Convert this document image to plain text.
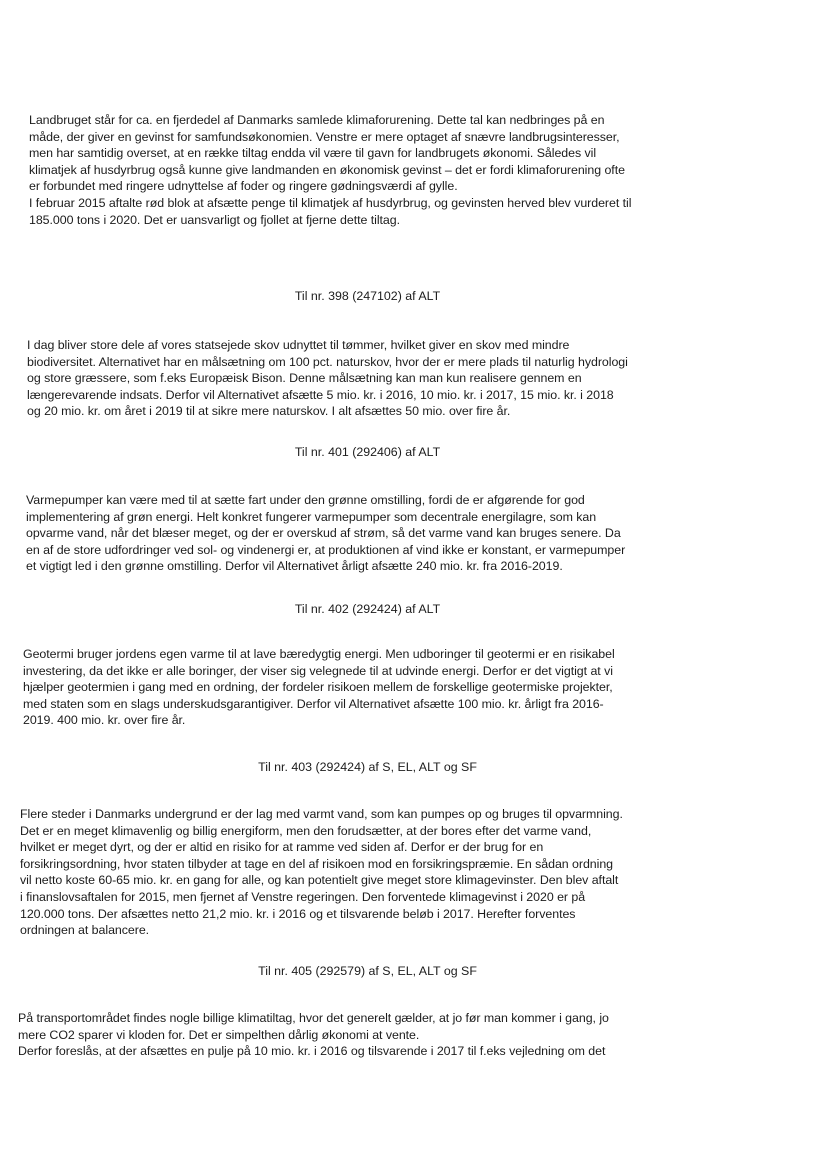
Landbruget står for ca. en fjerdedel af Danmarks samlede klimaforurening. Dette tal kan nedbringes på en
måde, der giver en gevinst for samfundsøkonomien. Venstre er mere optaget af snævre landbrugsinteresser,
men har samtidig overset, at en række tiltag endda vil være til gavn for landbrugets økonomi. Således vil
klimatjek af husdyrbrug også kunne give landmanden en økonomisk gevinst – det er fordi klimaforurening ofte
er forbundet med ringere udnyttelse af foder og ringere gødningsværdi af gylle.
I februar 2015 aftalte rød blok at afsætte penge til klimatjek af husdyrbrug, og gevinsten herved blev vurderet til
185.000 tons i 2020. Det er uansvarligt og fjollet at fjerne dette tiltag.
Til nr. 398 (247102) af ALT
I dag bliver store dele af vores statsejede skov udnyttet til tømmer, hvilket giver en skov med mindre
biodiversitet. Alternativet har en målsætning om 100 pct. naturskov, hvor der er mere plads til naturlig hydrologi
og store græssere, som f.eks Europæisk Bison. Denne målsætning kan man kun realisere gennem en
længerevarende indsats. Derfor vil Alternativet afsætte 5 mio. kr. i 2016, 10 mio. kr. i 2017, 15 mio. kr. i 2018
og 20 mio. kr. om året i 2019 til at sikre mere naturskov. I alt afsættes 50 mio. over fire år.
Til nr. 401 (292406) af ALT
Varmepumper kan være med til at sætte fart under den grønne omstilling, fordi de er afgørende for god
implementering af grøn energi. Helt konkret fungerer varmepumper som decentrale energilagre, som kan
opvarme vand, når det blæser meget, og der er overskud af strøm, så det varme vand kan bruges senere. Da
en af de store udfordringer ved sol- og vindenergi er, at produktionen af vind ikke er konstant, er varmepumper
et vigtigt led i den grønne omstilling. Derfor vil Alternativet årligt afsætte 240 mio. kr. fra 2016-2019.
Til nr. 402 (292424) af ALT
Geotermi bruger jordens egen varme til at lave bæredygtig energi. Men udboringer til geotermi er en risikabel
investering, da det ikke er alle boringer, der viser sig velegnede til at udvinde energi. Derfor er det vigtigt at vi
hjælper geotermien i gang med en ordning, der fordeler risikoen mellem de forskellige geotermiske projekter,
med staten som en slags underskudsgarantigiver. Derfor vil Alternativet afsætte 100 mio. kr. årligt fra 2016-
2019. 400 mio. kr. over fire år.
Til nr. 403 (292424) af S, EL, ALT og SF
Flere steder i Danmarks undergrund er der lag med varmt vand, som kan pumpes op og bruges til opvarmning.
Det er en meget klimavenlig og billig energiform, men den forudsætter, at der bores efter det varme vand,
hvilket er meget dyrt, og der er altid en risiko for at ramme ved siden af. Derfor er der brug for en
forsikringsordning, hvor staten tilbyder at tage en del af risikoen mod en forsikringspræmie. En sådan ordning
vil netto koste 60-65 mio. kr. en gang for alle, og kan potentielt give meget store klimagevinster. Den blev aftalt
i finanslovsaftalen for 2015, men fjernet af Venstre regeringen. Den forventede klimagevinst i 2020 er på
120.000 tons. Der afsættes netto 21,2 mio. kr. i 2016 og et tilsvarende beløb i 2017. Herefter forventes
ordningen at balancere.
Til nr. 405 (292579) af S, EL, ALT og SF
På transportområdet findes nogle billige klimatiltag, hvor det generelt gælder, at jo før man kommer i gang, jo
mere CO2 sparer vi kloden for. Det er simpelthen dårlig økonomi at vente.
Derfor foreslås, at der afsættes en pulje på 10 mio. kr. i 2016 og tilsvarende i 2017 til f.eks vejledning om det
